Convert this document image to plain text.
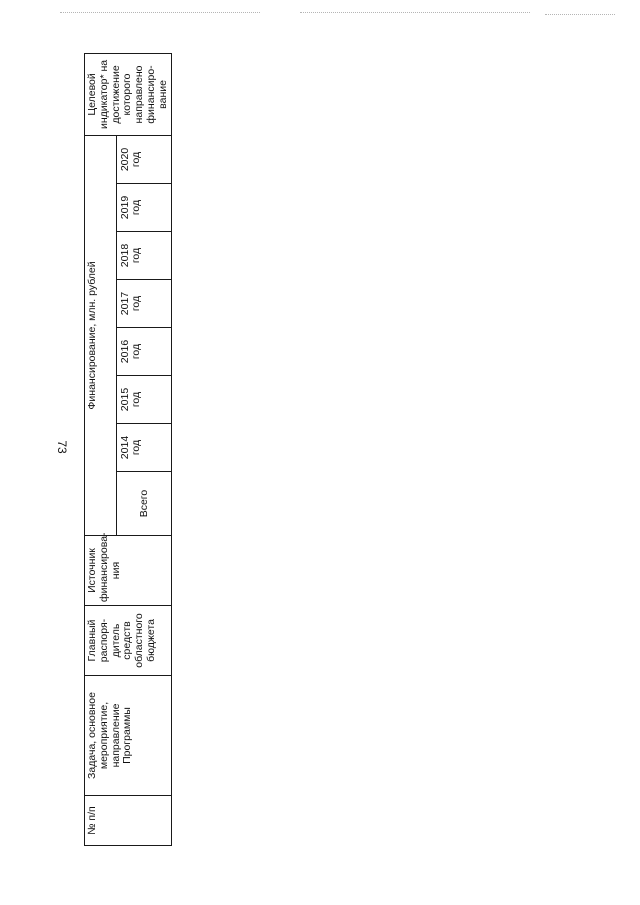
73
№ п/п	Задача, основное мероприятие, направление Программы	Главный распоря-дитель средств областного бюджета	Источник финансирова-ния	Финансирование, млн. рублей								Целевой индикатор* на достижение которого направлено финансиро-вание
				Всего	2014 год	2015 год	2016 год	2017 год	2018 год	2019 год	2020 год	
